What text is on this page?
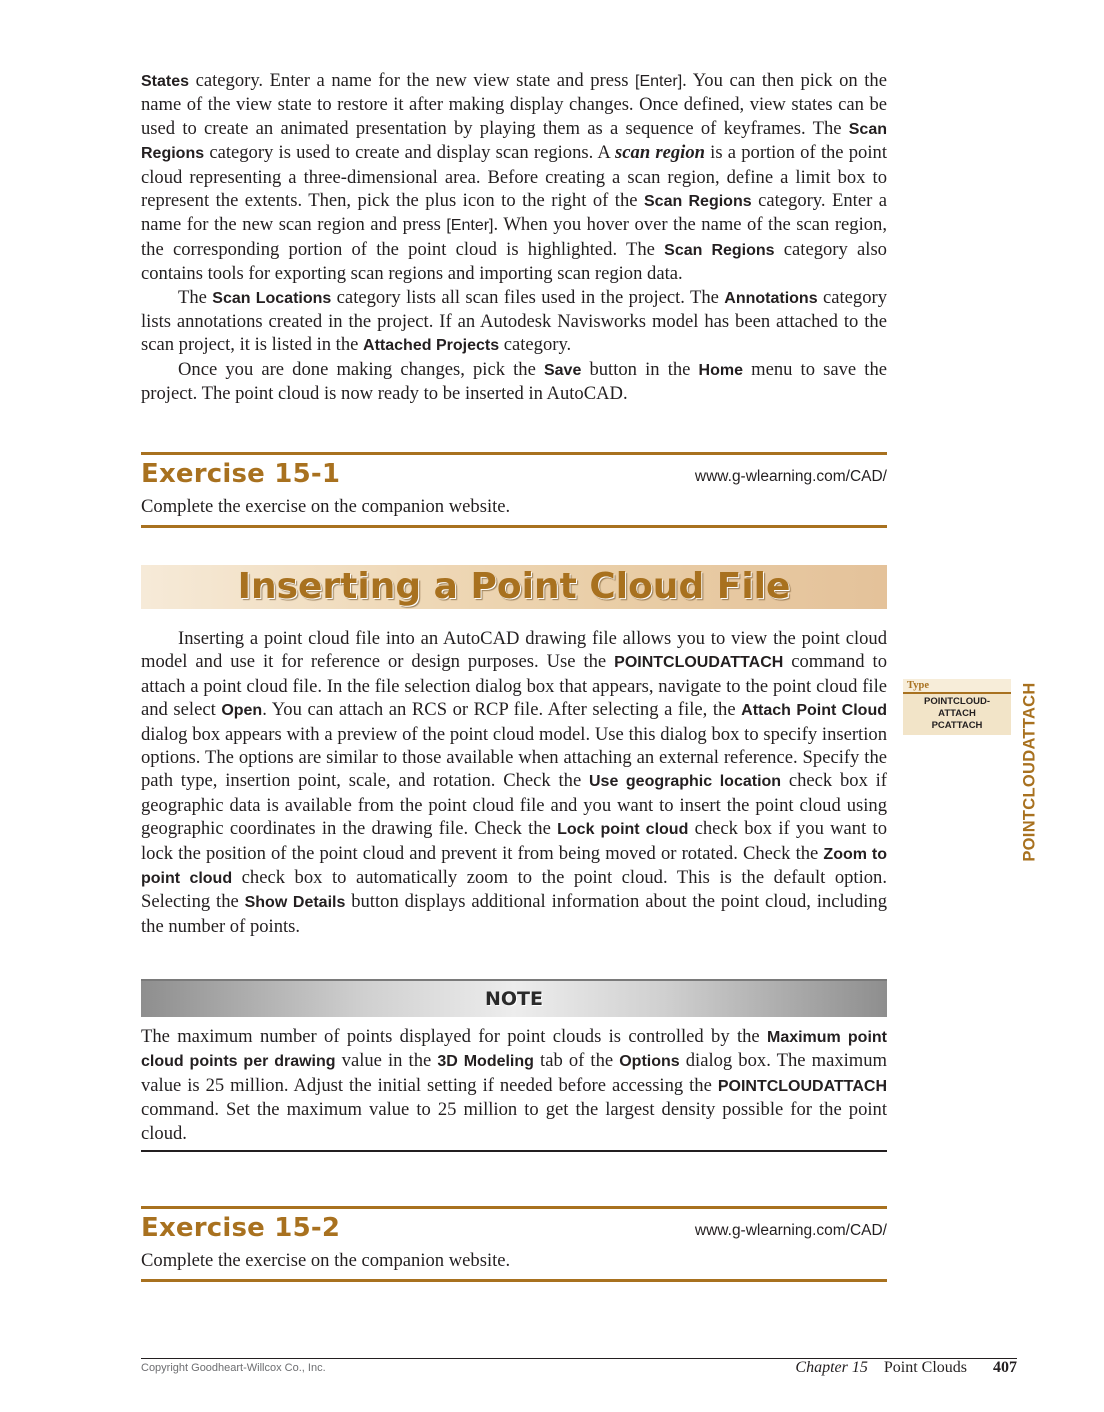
States category. Enter a name for the new view state and press [Enter]. You can then pick on the name of the view state to restore it after making display changes. Once defined, view states can be used to create an animated presentation by playing them as a sequence of keyframes. The Scan Regions category is used to create and display scan regions. A scan region is a portion of the point cloud representing a three-dimensional area. Before creating a scan region, define a limit box to represent the extents. Then, pick the plus icon to the right of the Scan Regions category. Enter a name for the new scan region and press [Enter]. When you hover over the name of the scan region, the corresponding portion of the point cloud is highlighted. The Scan Regions category also contains tools for exporting scan regions and importing scan region data.

The Scan Locations category lists all scan files used in the project. The Annotations category lists annotations created in the project. If an Autodesk Navisworks model has been attached to the scan project, it is listed in the Attached Projects category.

Once you are done making changes, pick the Save button in the Home menu to save the project. The point cloud is now ready to be inserted in AutoCAD.

Exercise 15-1	www.g-wlearning.com/CAD/
Complete the exercise on the companion website.
Inserting a Point Cloud File

Inserting a point cloud file into an AutoCAD drawing file allows you to view the point cloud model and use it for reference or design purposes. Use the POINTCLOUDATTACH command to attach a point cloud file. In the file selection dialog box that appears, navigate to the point cloud file and select Open. You can attach an RCS or RCP file. After selecting a file, the Attach Point Cloud dialog box appears with a preview of the point cloud model. Use this dialog box to specify insertion options. The options are similar to those available when attaching an external reference. Specify the path type, insertion point, scale, and rotation. Check the Use geographic location check box if geographic data is available from the point cloud file and you want to insert the point cloud using geographic coordinates in the drawing file. Check the Lock point cloud check box if you want to lock the position of the point cloud and prevent it from being moved or rotated. Check the Zoom to point cloud check box to automatically zoom to the point cloud. This is the default option. Selecting the Show Details button displays additional information about the point cloud, including the number of points.

Type
POINTCLOUD-
ATTACH
PCATTACH	POINTCLOUDATTACH
NOTE

The maximum number of points displayed for point clouds is controlled by the Maximum point cloud points per drawing value in the 3D Modeling tab of the Options dialog box. The maximum value is 25 million. Adjust the initial setting if needed before accessing the POINTCLOUDATTACH command. Set the maximum value to 25 million to get the largest density possible for the point cloud.

Exercise 15-2	www.g-wlearning.com/CAD/
Complete the exercise on the companion website.
Copyright Goodheart-Willcox Co., Inc.	Chapter 15 Point Clouds 407
